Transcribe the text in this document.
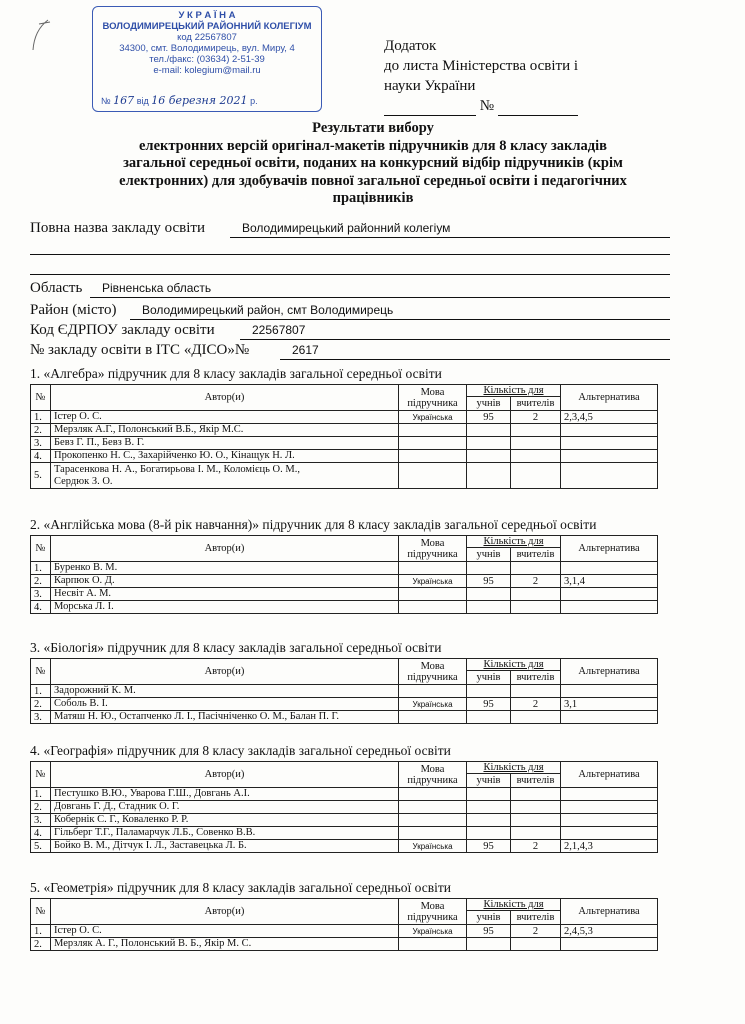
У К Р А Ї Н А
ВОЛОДИМИРЕЦЬКИЙ РАЙОННИЙ КОЛЕГІУМ
код 22567807
34300, смт. Володимирець, вул. Миру, 4
тел./факс: (03634) 2-51-39
e-mail: kolegium@mail.ru
№ 167 від 16 березня 2021 р.
Додаток
до листа Міністерства освіти і
науки України
№
Результати вибору
електронних версій оригінал-макетів підручників для 8 класу закладів
загальної середньої освіти, поданих на конкурсний відбір підручників (крім
електронних) для здобувачів повної загальної середньої освіти і педагогічних
працівників
Повна назва закладу освіти	Володимирецький районний колегіум
Область	Рівненська область
Район (місто)	Володимирецький район, смт Володимирець
Код ЄДРПОУ закладу освіти	22567807
№ закладу освіти в ІТС «ДІСО»№	2617
1. «Алгебра» підручник для 8 класу закладів загальної середньої освіти
№	Автор(и)	Мова підручника	Кількість для		Альтернатива
			учнів	вчителів	
1.	Істер О. С.	Українська	95	2	2,3,4,5
2.	Мерзляк А.Г., Полонський В.Б., Якір М.С.				
3.	Бевз Г. П., Бевз В. Г.				
4.	Прокопенко Н. С., Захарійченко Ю. О., Кінащук Н. Л.				
5.	Тарасенкова Н. А., Богатирьова І. М., Коломієць О. М.,
Сердюк З. О.				
2. «Англійська мова (8-й рік навчання)» підручник для 8 класу закладів загальної середньої освіти
№	Автор(и)	Мова підручника	Кількість для		Альтернатива
			учнів	вчителів	
1.	Буренко В. М.				
2.	Карпюк О. Д.	Українська	95	2	3,1,4
3.	Несвіт А. М.				
4.	Морська Л. І.				
3. «Біологія» підручник для 8 класу закладів загальної середньої освіти
№	Автор(и)	Мова підручника	Кількість для		Альтернатива
			учнів	вчителів	
1.	Задорожний К. М.				
2.	Соболь В. І.	Українська	95	2	3,1
3.	Матяш Н. Ю., Остапченко Л. І., Пасічніченко О. М., Балан П. Г.				
4. «Географія» підручник для 8 класу закладів загальної середньої освіти
№	Автор(и)	Мова підручника	Кількість для		Альтернатива
			учнів	вчителів	
1.	Пестушко В.Ю., Уварова Г.Ш., Довгань А.І.				
2.	Довгань Г. Д., Стадник О. Г.				
3.	Кобернік С. Г., Коваленко Р. Р.				
4.	Гільберг Т.Г., Паламарчук Л.Б., Совенко В.В.				
5.	Бойко В. М., Дітчук І. Л., Заставецька Л. Б.	Українська	95	2	2,1,4,3
5. «Геометрія» підручник для 8 класу закладів загальної середньої освіти
№	Автор(и)	Мова підручника	Кількість для		Альтернатива
			учнів	вчителів	
1.	Істер О. С.	Українська	95	2	2,4,5,3
2.	Мерзляк А. Г., Полонський В. Б., Якір М. С.				
